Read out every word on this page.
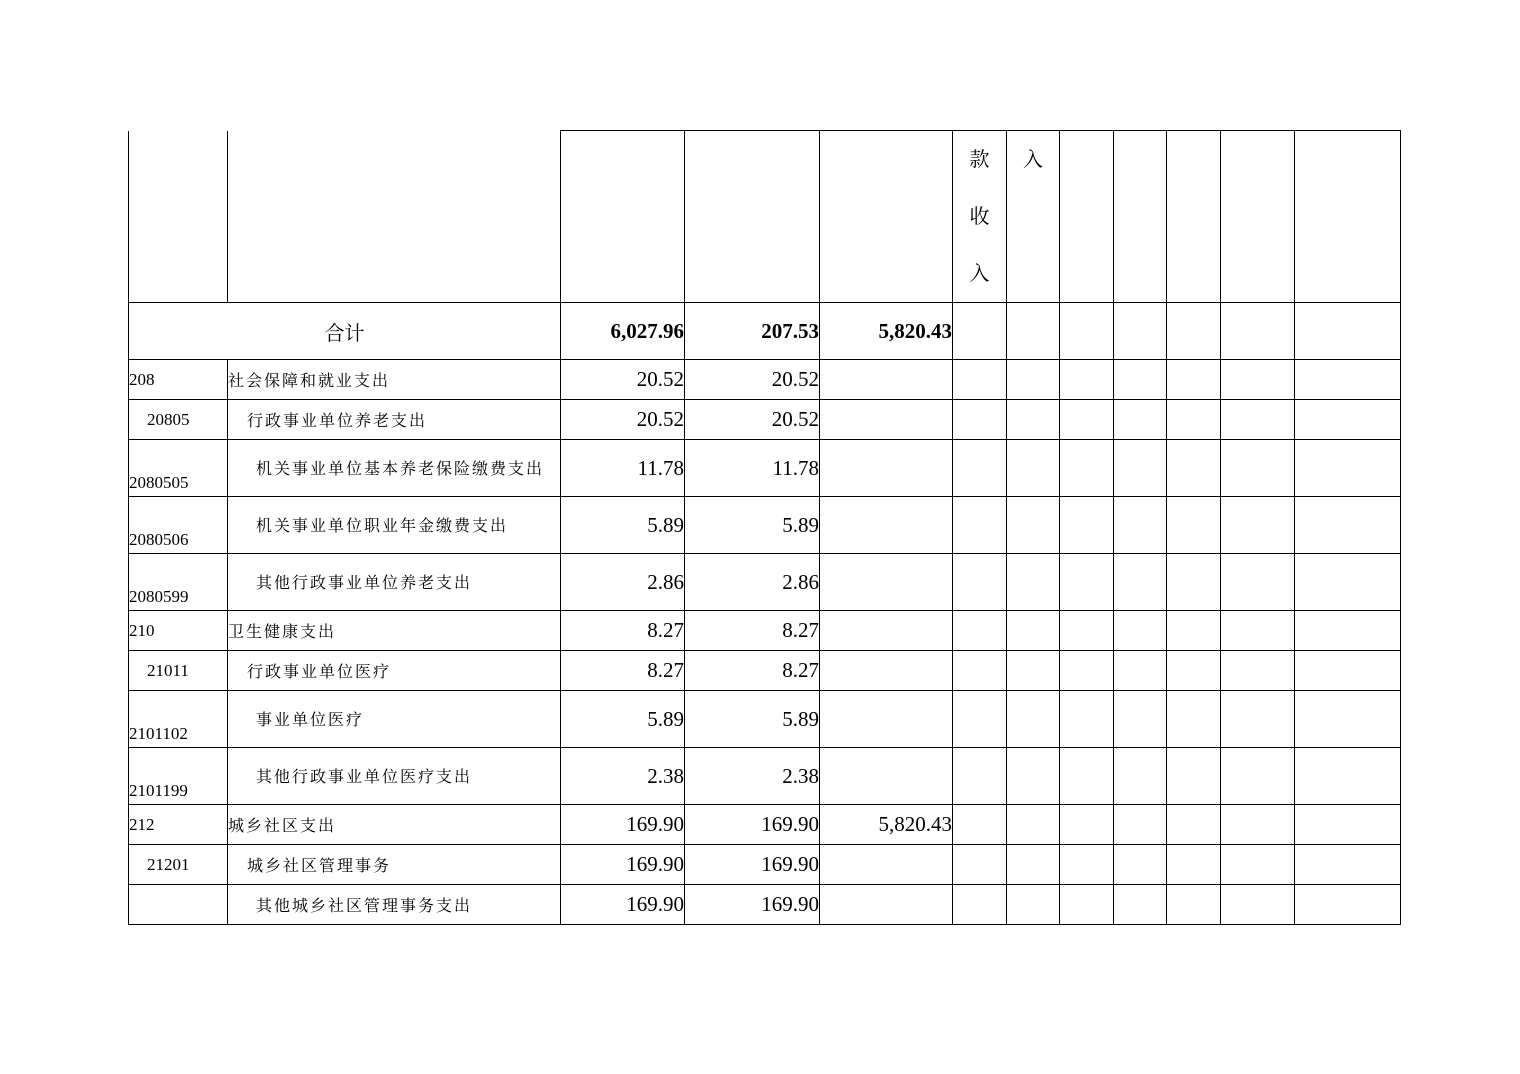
					款 收 入	入					
合计		6,027.96	207.53	5,820.43							
208	社会保障和就业支出	20.52	20.52								
20805	行政事业单位养老支出	20.52	20.52								
2080505	机关事业单位基本养老保险缴费支出	11.78	11.78								
2080506	机关事业单位职业年金缴费支出	5.89	5.89								
2080599	其他行政事业单位养老支出	2.86	2.86								
210	卫生健康支出	8.27	8.27								
21011	行政事业单位医疗	8.27	8.27								
2101102	事业单位医疗	5.89	5.89								
2101199	其他行政事业单位医疗支出	2.38	2.38								
212	城乡社区支出	169.90	169.90	5,820.43							
21201	城乡社区管理事务	169.90	169.90								
	其他城乡社区管理事务支出	169.90	169.90								
